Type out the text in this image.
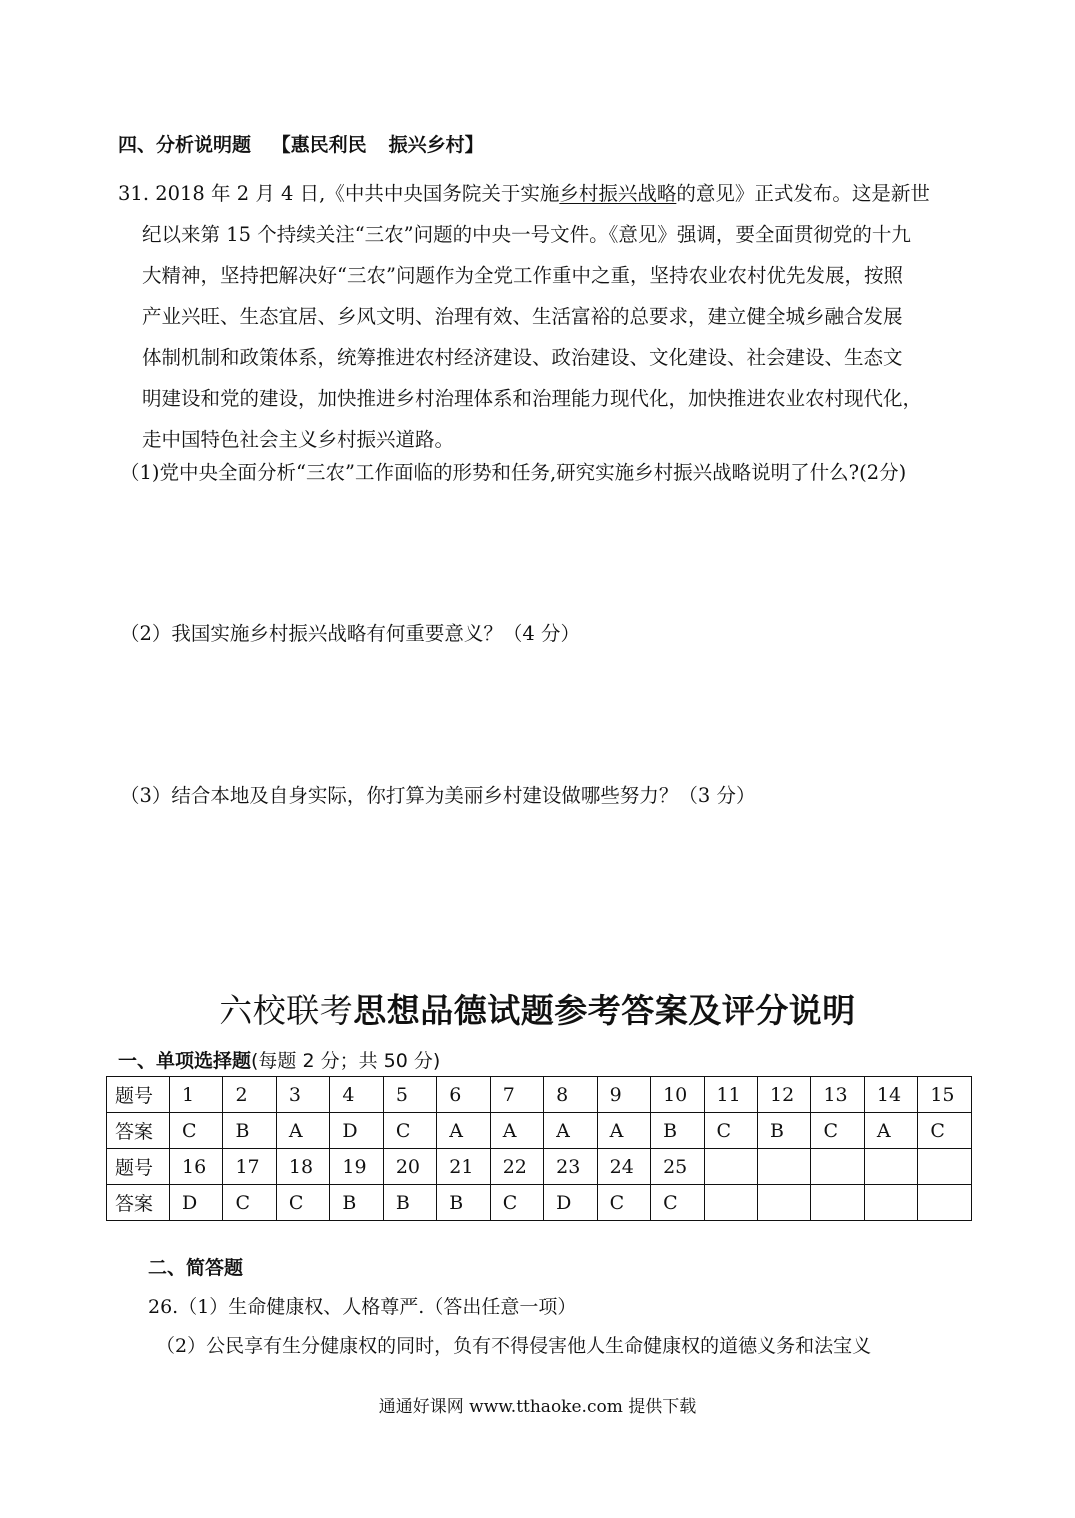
四、分析说明题 【惠民利民 振兴乡村】
31. 2018 年 2 月 4 日,《中共中央国务院关于实施乡村振兴战略的意见》正式发布。这是新世
纪以来第 15 个持续关注“三农”问题的中央一号文件。《意见》强调，要全面贯彻党的十九
大精神，坚持把解决好“三农”问题作为全党工作重中之重，坚持农业农村优先发展，按照
产业兴旺、生态宜居、乡风文明、治理有效、生活富裕的总要求，建立健全城乡融合发展
体制机制和政策体系，统筹推进农村经济建设、政治建设、文化建设、社会建设、生态文
明建设和党的建设，加快推进乡村治理体系和治理能力现代化，加快推进农业农村现代化，
走中国特色社会主义乡村振兴道路。
（1)党中央全面分析“三农”工作面临的形势和任务,研究实施乡村振兴战略说明了什么?(2分)
（2）我国实施乡村振兴战略有何重要意义？（4 分）
（3）结合本地及自身实际，你打算为美丽乡村建设做哪些努力？（3 分）
六校联考思想品德试题参考答案及评分说明
一、单项选择题(每题 2 分；共 50 分)
题号	1	2	3	4	5	6	7	8	9	10	11	12	13	14	15
答案	C	B	A	D	C	A	A	A	A	B	C	B	C	A	C
题号	16	17	18	19	20	21	22	23	24	25					
答案	D	C	C	B	B	B	C	D	C	C					
二、简答题
26.（1）生命健康权、人格尊严.（答出任意一项）
（2）公民享有生分健康权的同时，负有不得侵害他人生命健康权的道德义务和法宝义
通通好课网 www.tthaoke.com 提供下载
